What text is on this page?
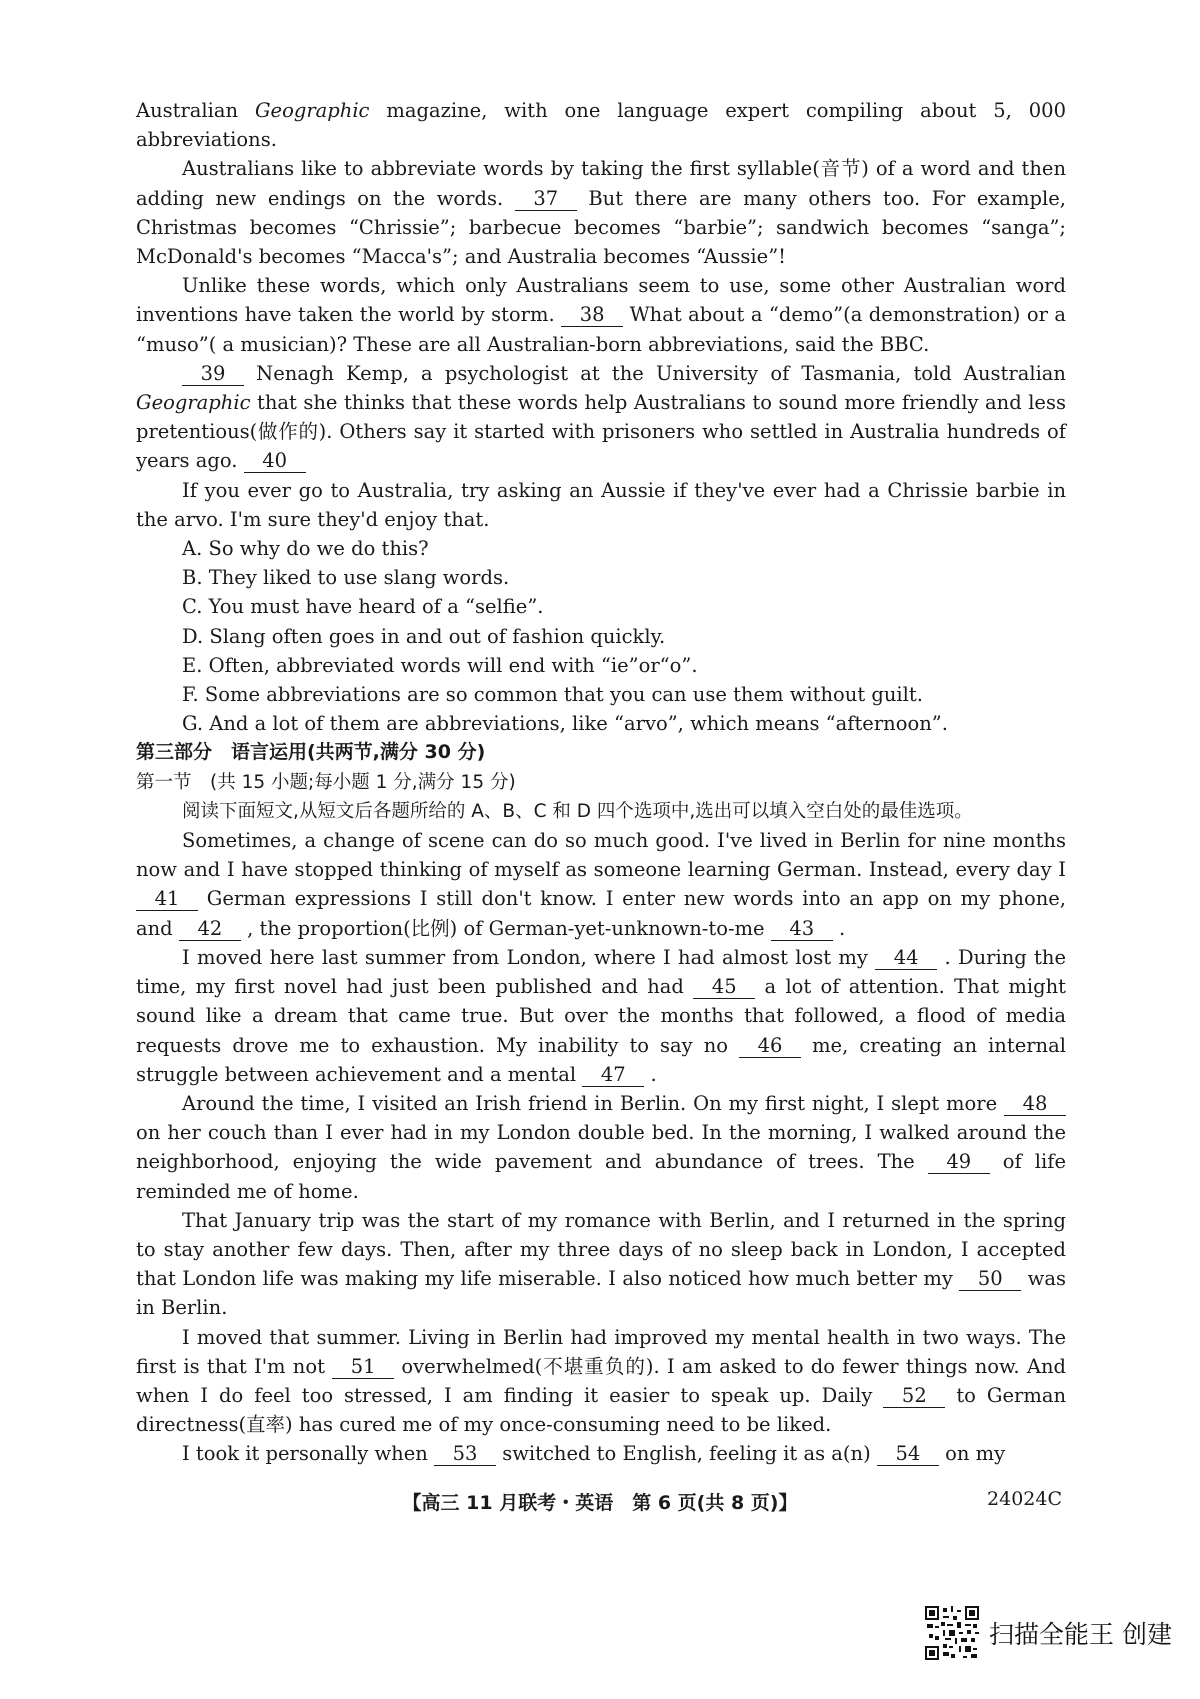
Australian Geographic magazine, with one language expert compiling about 5, 000 abbreviations.

Australians like to abbreviate words by taking the first syllable(音节) of a word and then adding new endings on the words. 37 But there are many others too. For example, Christmas becomes “Chrissie”; barbecue becomes “barbie”; sandwich becomes “sanga”; McDonald's becomes “Macca's”; and Australia becomes “Aussie”!

Unlike these words, which only Australians seem to use, some other Australian word inventions have taken the world by storm. 38 What about a “demo”(a demonstration) or a “muso”( a musician)? These are all Australian-born abbreviations, said the BBC.

39 Nenagh Kemp, a psychologist at the University of Tasmania, told Australian Geographic that she thinks that these words help Australians to sound more friendly and less pretentious(做作的). Others say it started with prisoners who settled in Australia hundreds of years ago. 40

If you ever go to Australia, try asking an Aussie if they've ever had a Chrissie barbie in the arvo. I'm sure they'd enjoy that.

A. So why do we do this?

B. They liked to use slang words.

C. You must have heard of a “selfie”.

D. Slang often goes in and out of fashion quickly.

E. Often, abbreviated words will end with “ie”or“o”.

F. Some abbreviations are so common that you can use them without guilt.

G. And a lot of them are abbreviations, like “arvo”, which means “afternoon”.

第三部分　语言运用(共两节,满分 30 分)

第一节　(共 15 小题;每小题 1 分,满分 15 分)

阅读下面短文,从短文后各题所给的 A、B、C 和 D 四个选项中,选出可以填入空白处的最佳选项。

Sometimes, a change of scene can do so much good. I've lived in Berlin for nine months now and I have stopped thinking of myself as someone learning German. Instead, every day I 41 German expressions I still don't know. I enter new words into an app on my phone, and 42 , the proportion(比例) of German-yet-unknown-to-me 43 .

I moved here last summer from London, where I had almost lost my 44 . During the time, my first novel had just been published and had 45 a lot of attention. That might sound like a dream that came true. But over the months that followed, a flood of media requests drove me to exhaustion. My inability to say no 46 me, creating an internal struggle between achievement and a mental 47 .

Around the time, I visited an Irish friend in Berlin. On my first night, I slept more 48 on her couch than I ever had in my London double bed. In the morning, I walked around the neighborhood, enjoying the wide pavement and abundance of trees. The 49 of life reminded me of home.

That January trip was the start of my romance with Berlin, and I returned in the spring to stay another few days. Then, after my three days of no sleep back in London, I accepted that London life was making my life miserable. I also noticed how much better my 50 was in Berlin.

I moved that summer. Living in Berlin had improved my mental health in two ways. The first is that I'm not 51 overwhelmed(不堪重负的). I am asked to do fewer things now. And when I do feel too stressed, I am finding it easier to speak up. Daily 52 to German directness(直率) has cured me of my once-consuming need to be liked.

I took it personally when 53 switched to English, feeling it as a(n) 54 on my

【高三 11 月联考・英语　第 6 页(共 8 页)】	24024C
扫描全能王 创建
